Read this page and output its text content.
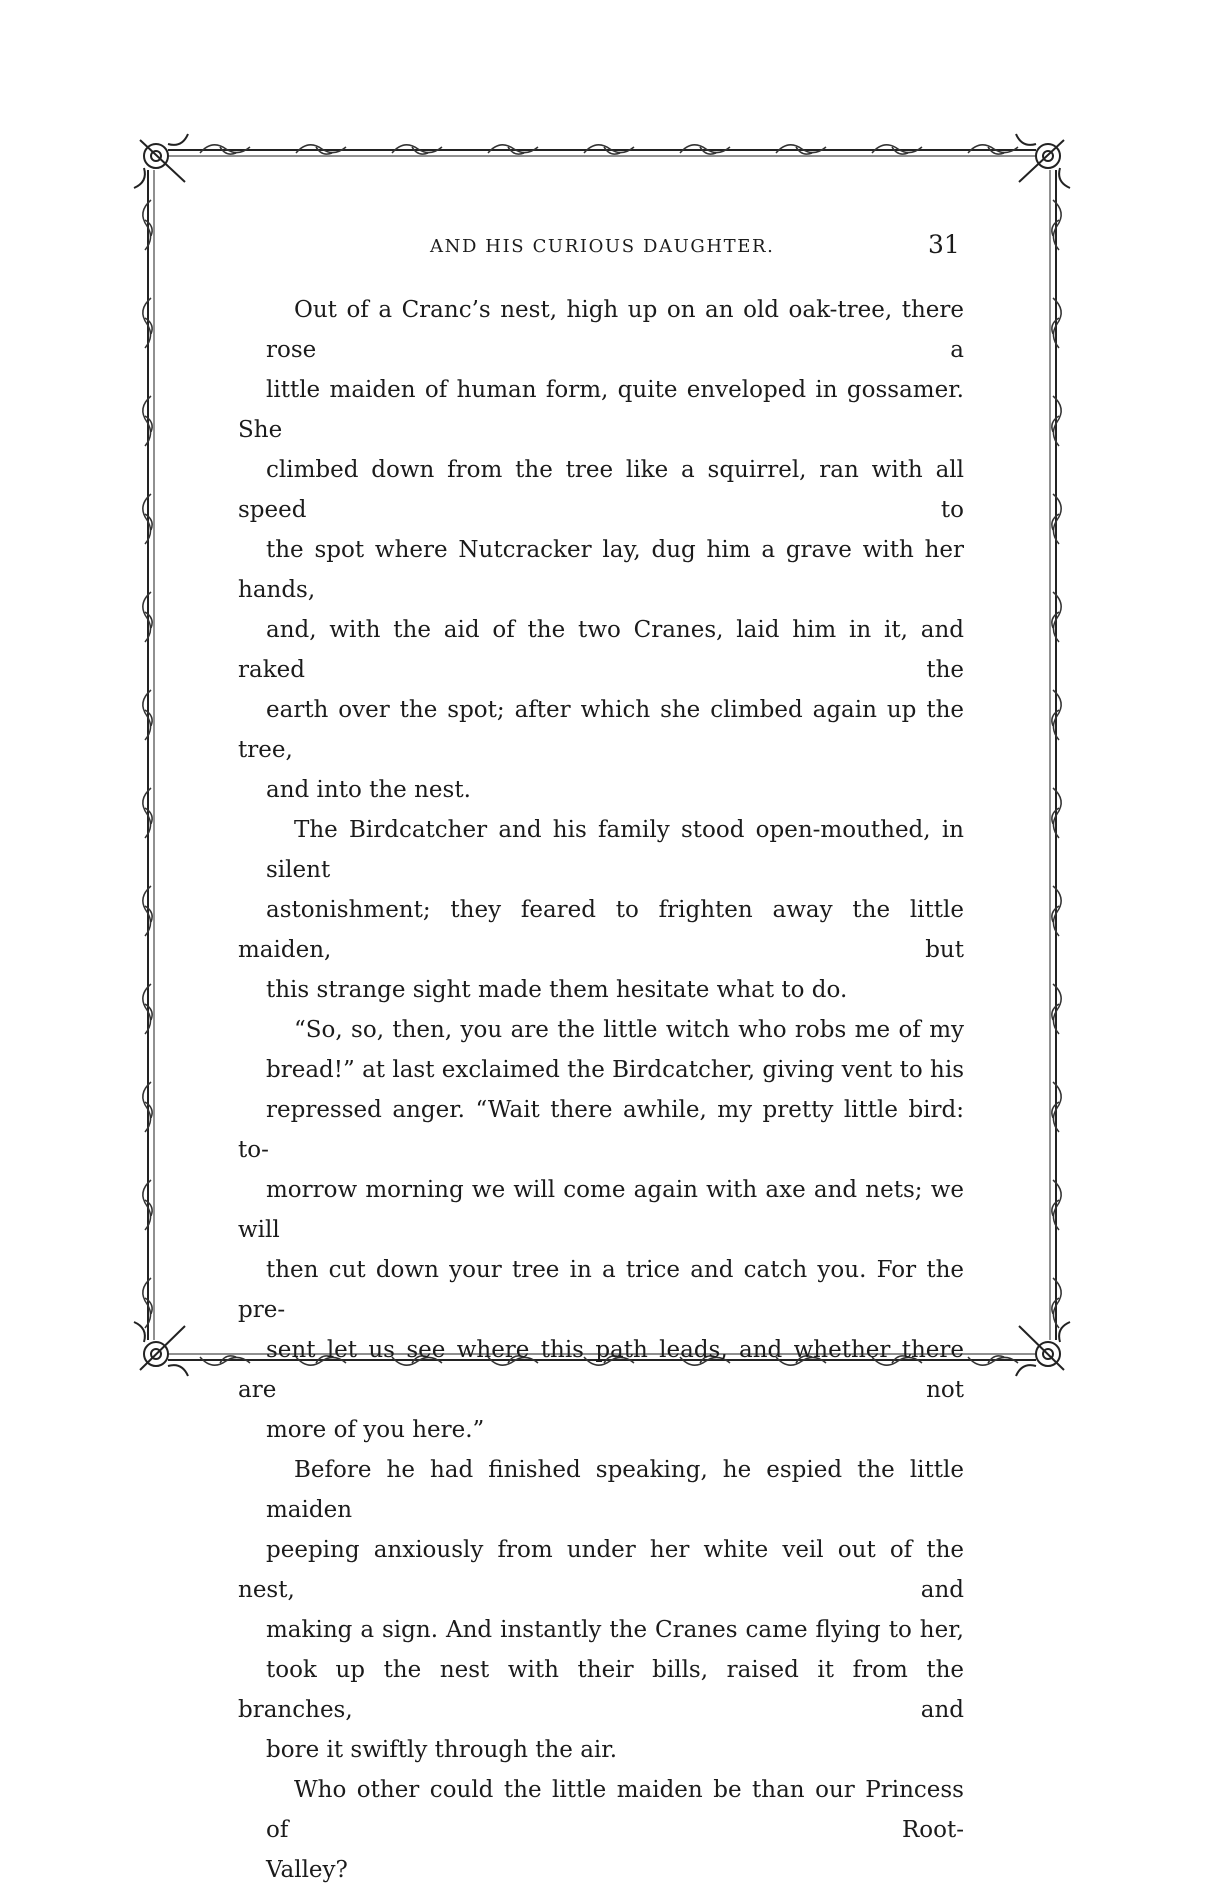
AND HIS CURIOUS DAUGHTER.	31

Out of a Cranc’s nest, high up on an old oak-tree, there rose a
little maiden of human form, quite enveloped in gossamer. She
climbed down from the tree like a squirrel, ran with all speed to
the spot where Nutcracker lay, dug him a grave with her hands,
and, with the aid of the two Cranes, laid him in it, and raked the
earth over the spot; after which she climbed again up the tree,
and into the nest.

The Birdcatcher and his family stood open-mouthed, in silent
astonishment; they feared to frighten away the little maiden, but
this strange sight made them hesitate what to do.

“So, so, then, you are the little witch who robs me of my
bread!” at last exclaimed the Birdcatcher, giving vent to his
repressed anger. “Wait there awhile, my pretty little bird: to-
morrow morning we will come again with axe and nets; we will
then cut down your tree in a trice and catch you. For the pre-
sent let us see where this path leads, and whether there are not
more of you here.”

Before he had finished speaking, he espied the little maiden
peeping anxiously from under her white veil out of the nest, and
making a sign. And instantly the Cranes came flying to her,
took up the nest with their bills, raised it from the branches, and
bore it swiftly through the air.

Who other could the little maiden be than our Princess of Root-
Valley?
